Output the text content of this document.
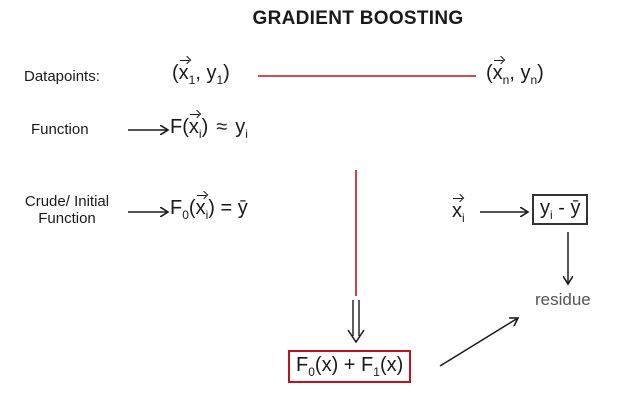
GRADIENT BOOSTING
Datapoints:
Function
Crude/ Initial
Function
residue
($x_1$, $y_1$)	($x_n$, $y_n$)
$F(x_i) \approx y_i$
$F_0(x_i)$ = ȳ	$x_i$	$y_i$ - ȳ
$F_0(x) + F_1(x)$
